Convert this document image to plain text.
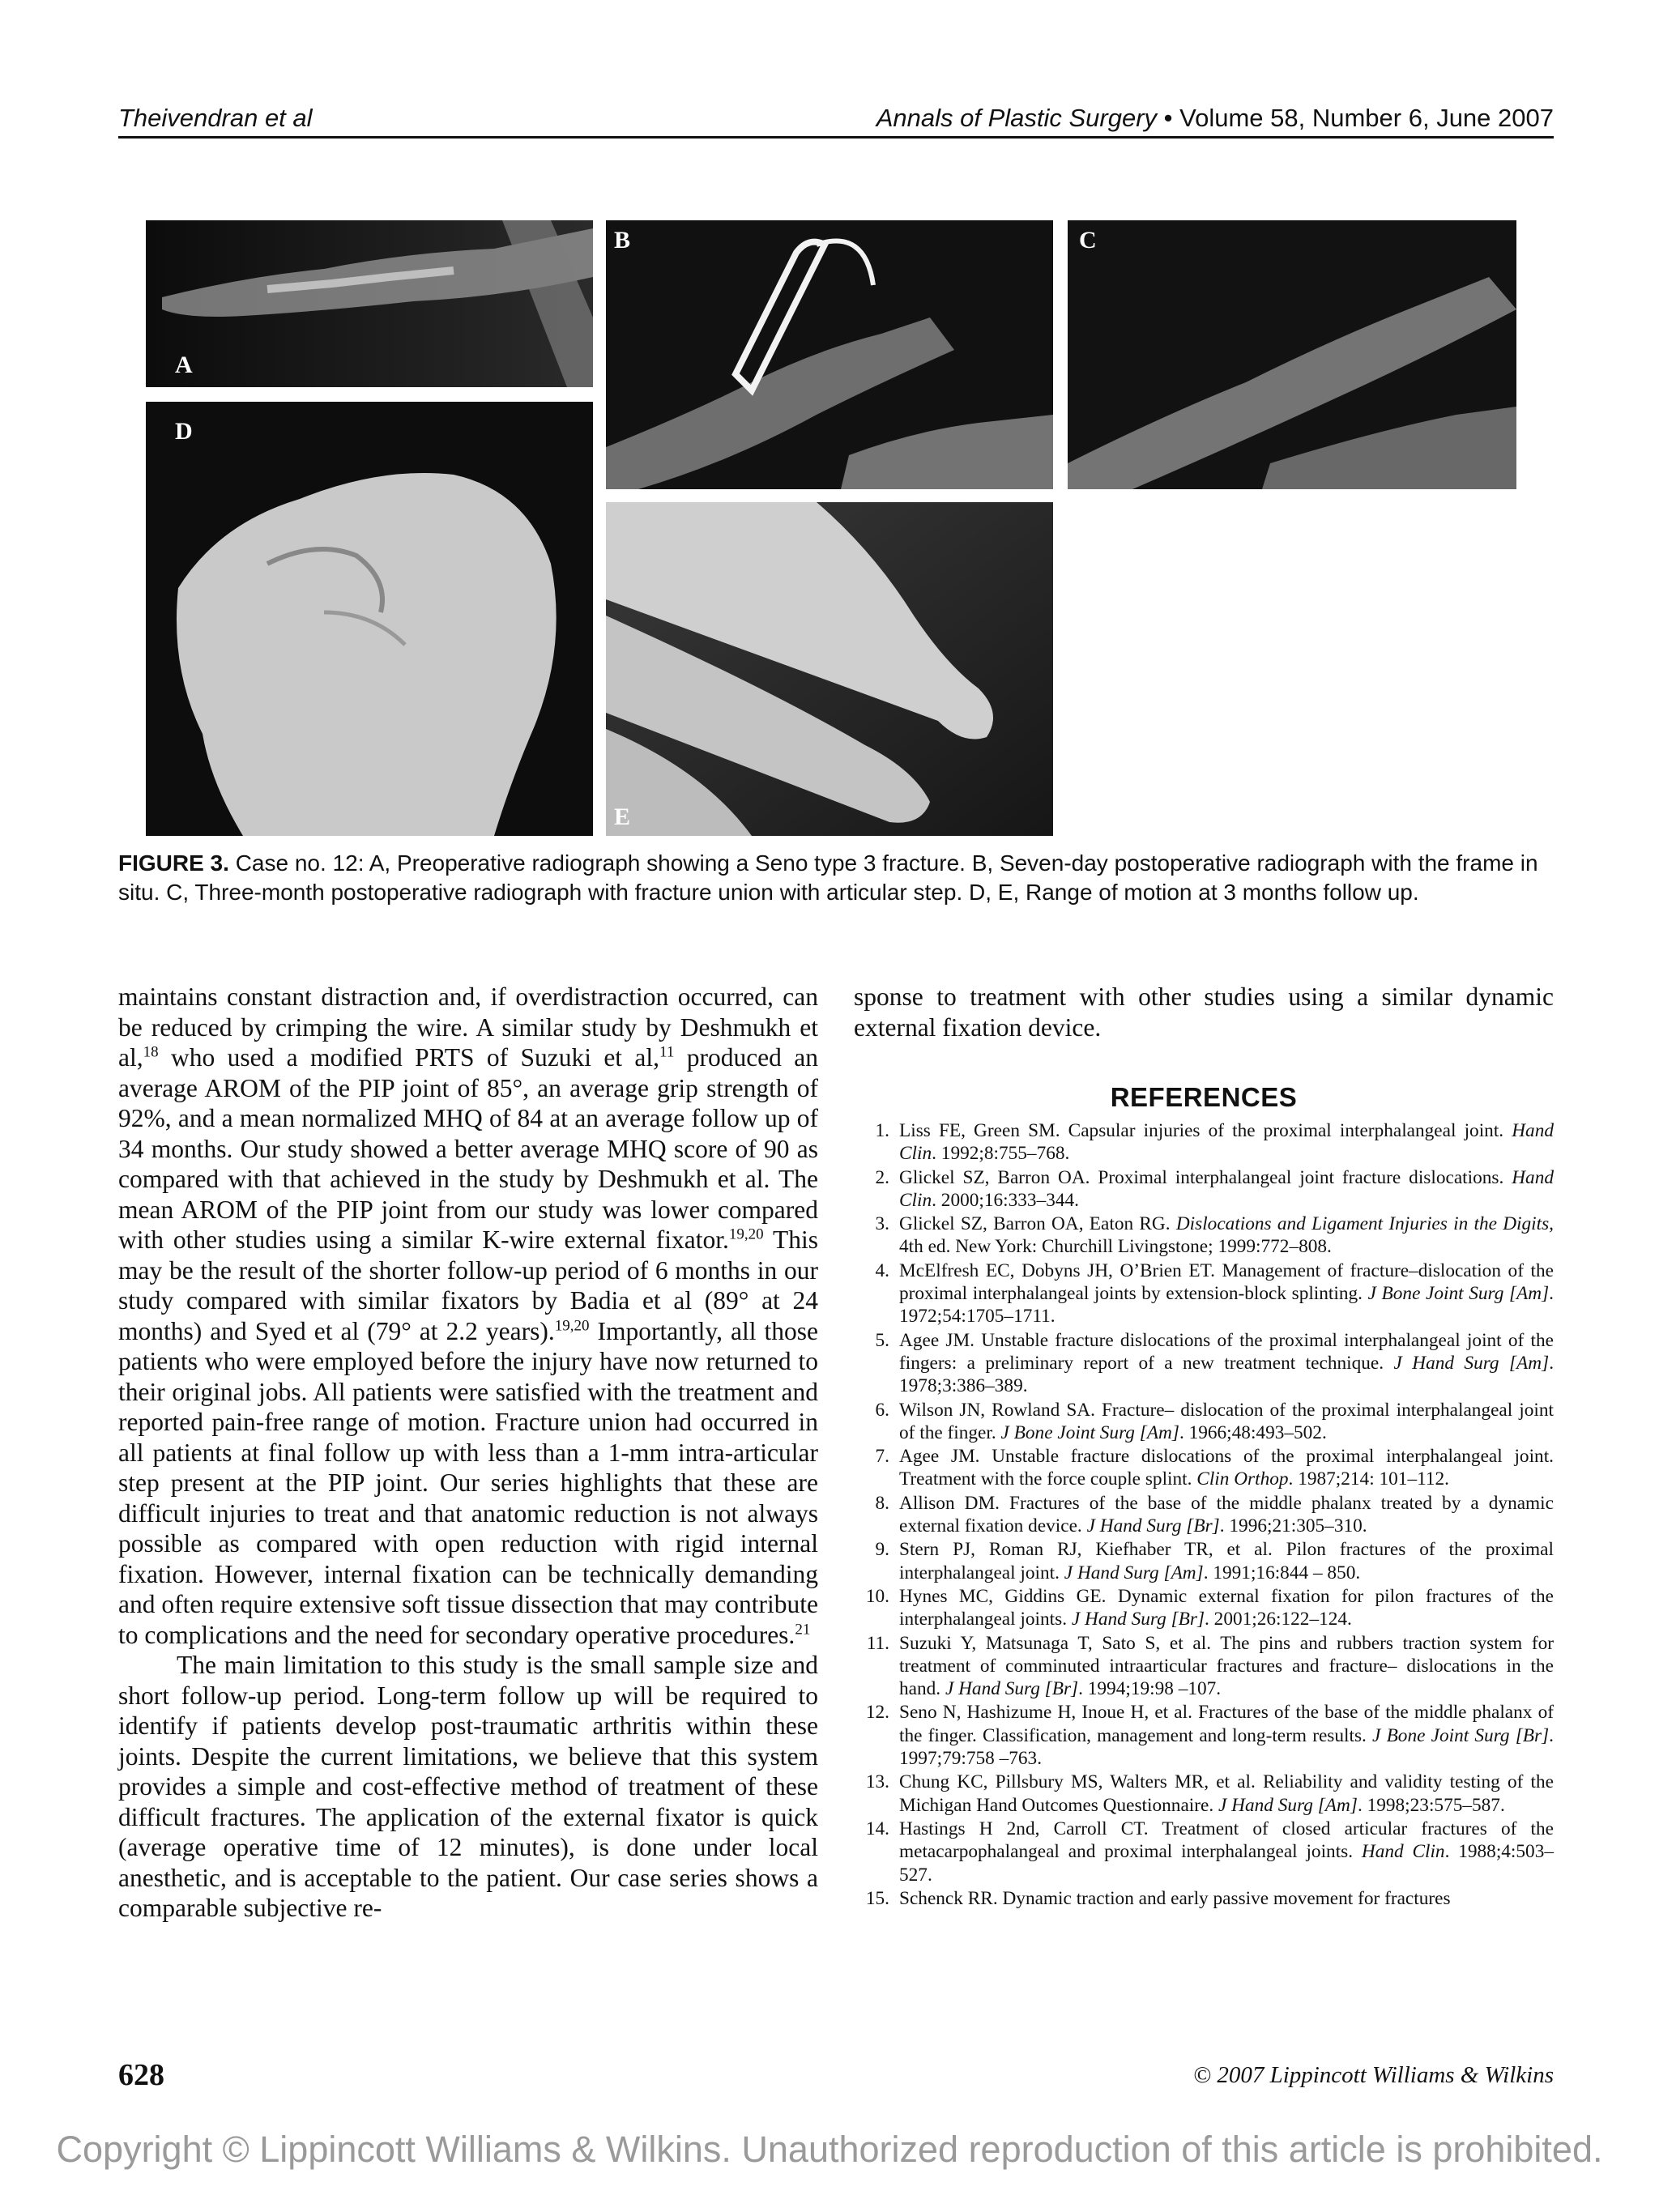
Theivendran et al	Annals of Plastic Surgery • Volume 58, Number 6, June 2007
A
B	C
D
E
FIGURE 3. Case no. 12: A, Preoperative radiograph showing a Seno type 3 fracture. B, Seven-day postoperative radiograph with the frame in situ. C, Three-month postoperative radiograph with fracture union with articular step. D, E, Range of motion at 3 months follow up.

maintains constant distraction and, if overdistraction occurred, can be reduced by crimping the wire. A similar study by Deshmukh et al,$^{18}$ who used a modified PRTS of Suzuki et al,$^{11}$ produced an average AROM of the PIP joint of 85°, an average grip strength of 92%, and a mean normalized MHQ of 84 at an average follow up of 34 months. Our study showed a better average MHQ score of 90 as compared with that achieved in the study by Deshmukh et al. The mean AROM of the PIP joint from our study was lower compared with other studies using a similar K-wire external fixator.$^{19,20}$ This may be the result of the shorter follow-up period of 6 months in our study compared with similar fixators by Badia et al (89° at 24 months) and Syed et al (79° at 2.2 years).$^{19,20}$ Importantly, all those patients who were employed before the injury have now returned to their original jobs. All patients were satisfied with the treatment and reported pain-free range of motion. Fracture union had occurred in all patients at final follow up with less than a 1-mm intra-articular step present at the PIP joint. Our series highlights that these are difficult injuries to treat and that anatomic reduction is not always possible as compared with open reduction with rigid internal fixation. However, internal fixation can be technically demanding and often require extensive soft tissue dissection that may contribute to complications and the need for secondary operative procedures.$^{21}$

The main limitation to this study is the small sample size and short follow-up period. Long-term follow up will be required to identify if patients develop post-traumatic arthritis within these joints. Despite the current limitations, we believe that this system provides a simple and cost-effective method of treatment of these difficult fractures. The application of the external fixator is quick (average operative time of 12 minutes), is done under local anesthetic, and is acceptable to the patient. Our case series shows a comparable subjective re-

sponse to treatment with other studies using a similar dynamic external fixation device.

REFERENCES
1. Liss FE, Green SM. Capsular injuries of the proximal interphalangeal joint. Hand Clin. 1992;8:755–768.
2. Glickel SZ, Barron OA. Proximal interphalangeal joint fracture dislocations. Hand Clin. 2000;16:333–344.
3. Glickel SZ, Barron OA, Eaton RG. Dislocations and Ligament Injuries in the Digits, 4th ed. New York: Churchill Livingstone; 1999:772–808.
4. McElfresh EC, Dobyns JH, O’Brien ET. Management of fracture–dislocation of the proximal interphalangeal joints by extension-block splinting. J Bone Joint Surg [Am]. 1972;54:1705–1711.
5. Agee JM. Unstable fracture dislocations of the proximal interphalangeal joint of the fingers: a preliminary report of a new treatment technique. J Hand Surg [Am]. 1978;3:386–389.
6. Wilson JN, Rowland SA. Fracture– dislocation of the proximal interphalangeal joint of the finger. J Bone Joint Surg [Am]. 1966;48:493–502.
7. Agee JM. Unstable fracture dislocations of the proximal interphalangeal joint. Treatment with the force couple splint. Clin Orthop. 1987;214: 101–112.
8. Allison DM. Fractures of the base of the middle phalanx treated by a dynamic external fixation device. J Hand Surg [Br]. 1996;21:305–310.
9. Stern PJ, Roman RJ, Kiefhaber TR, et al. Pilon fractures of the proximal interphalangeal joint. J Hand Surg [Am]. 1991;16:844 – 850.
10. Hynes MC, Giddins GE. Dynamic external fixation for pilon fractures of the interphalangeal joints. J Hand Surg [Br]. 2001;26:122–124.
11. Suzuki Y, Matsunaga T, Sato S, et al. The pins and rubbers traction system for treatment of comminuted intraarticular fractures and fracture– dislocations in the hand. J Hand Surg [Br]. 1994;19:98 –107.
12. Seno N, Hashizume H, Inoue H, et al. Fractures of the base of the middle phalanx of the finger. Classification, management and long-term results. J Bone Joint Surg [Br]. 1997;79:758 –763.
13. Chung KC, Pillsbury MS, Walters MR, et al. Reliability and validity testing of the Michigan Hand Outcomes Questionnaire. J Hand Surg [Am]. 1998;23:575–587.
14. Hastings H 2nd, Carroll CT. Treatment of closed articular fractures of the metacarpophalangeal and proximal interphalangeal joints. Hand Clin. 1988;4:503–527.
15. Schenck RR. Dynamic traction and early passive movement for fractures
628	© 2007 Lippincott Williams & Wilkins
Copyright © Lippincott Williams & Wilkins. Unauthorized reproduction of this article is prohibited.
